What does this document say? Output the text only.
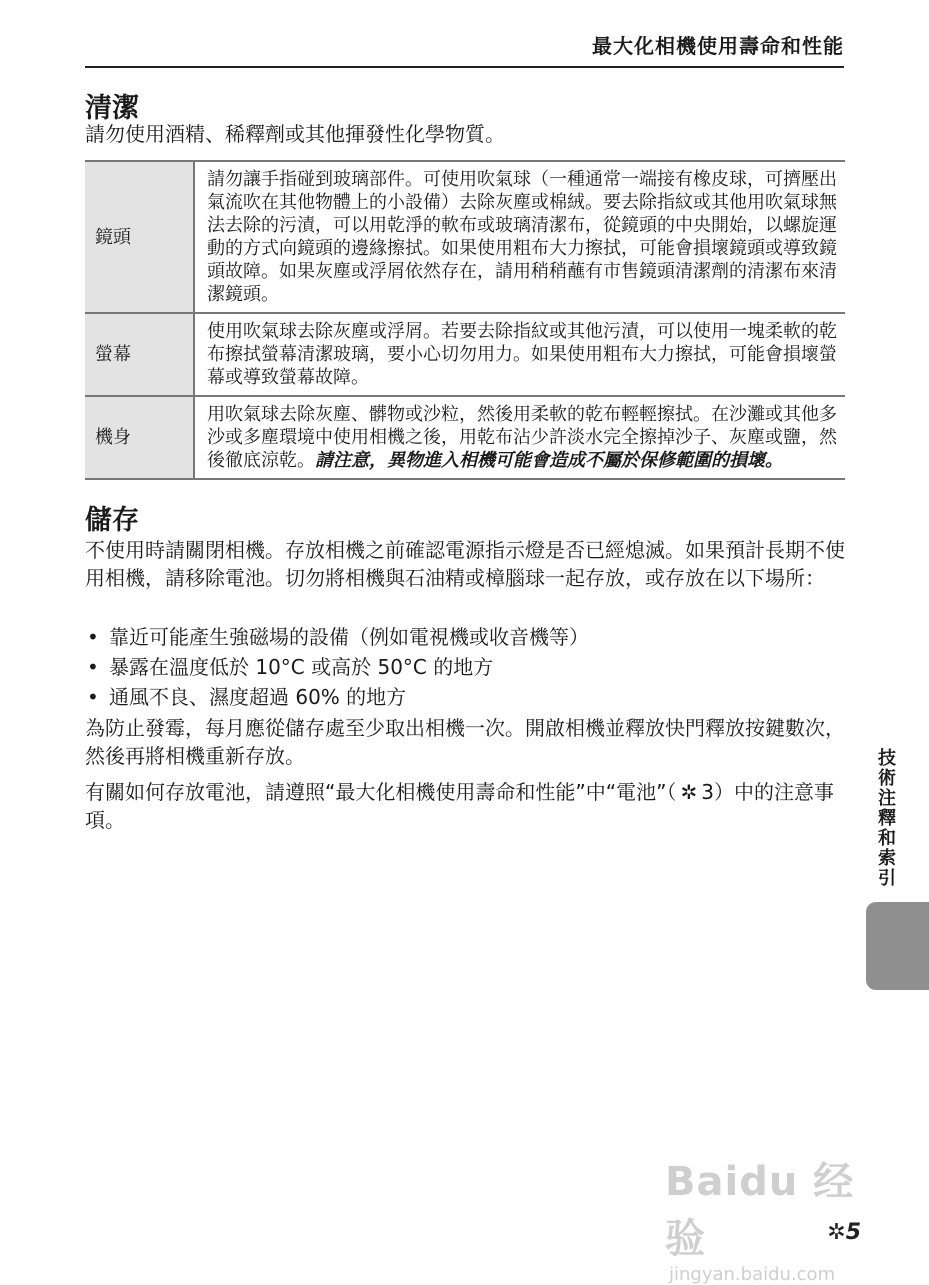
最大化相機使用壽命和性能
清潔

請勿使用酒精、稀釋劑或其他揮發性化學物質。

鏡頭	請勿讓手指碰到玻璃部件。可使用吹氣球（一種通常一端接有橡皮球，可擠壓出氣流吹在其他物體上的小設備）去除灰塵或棉絨。要去除指紋或其他用吹氣球無法去除的污漬，可以用乾淨的軟布或玻璃清潔布，從鏡頭的中央開始，以螺旋運動的方式向鏡頭的邊緣擦拭。如果使用粗布大力擦拭，可能會損壞鏡頭或導致鏡頭故障。如果灰塵或浮屑依然存在，請用稍稍蘸有市售鏡頭清潔劑的清潔布來清潔鏡頭。
螢幕	使用吹氣球去除灰塵或浮屑。若要去除指紋或其他污漬，可以使用一塊柔軟的乾布擦拭螢幕清潔玻璃，要小心切勿用力。如果使用粗布大力擦拭，可能會損壞螢幕或導致螢幕故障。
機身	用吹氣球去除灰塵、髒物或沙粒，然後用柔軟的乾布輕輕擦拭。在沙灘或其他多沙或多塵環境中使用相機之後，用乾布沾少許淡水完全擦掉沙子、灰塵或鹽，然後徹底涼乾。請注意，異物進入相機可能會造成不屬於保修範圍的損壞。
儲存

不使用時請關閉相機。存放相機之前確認電源指示燈是否已經熄滅。如果預計長期不使用相機，請移除電池。切勿將相機與石油精或樟腦球一起存放，或存放在以下場所：

• 靠近可能產生強磁場的設備（例如電視機或收音機等）
• 暴露在溫度低於 10°C 或高於 50°C 的地方
• 通風不良、濕度超過 60% 的地方

為防止發霉，每月應從儲存處至少取出相機一次。開啟相機並釋放快門釋放按鍵數次，然後再將相機重新存放。

有關如何存放電池，請遵照“最大化相機使用壽命和性能”中“電池”（ ✲ 3）中的注意事項。	技術注釋和索引
Baidu 经验
jingyan.baidu.com
✲5
